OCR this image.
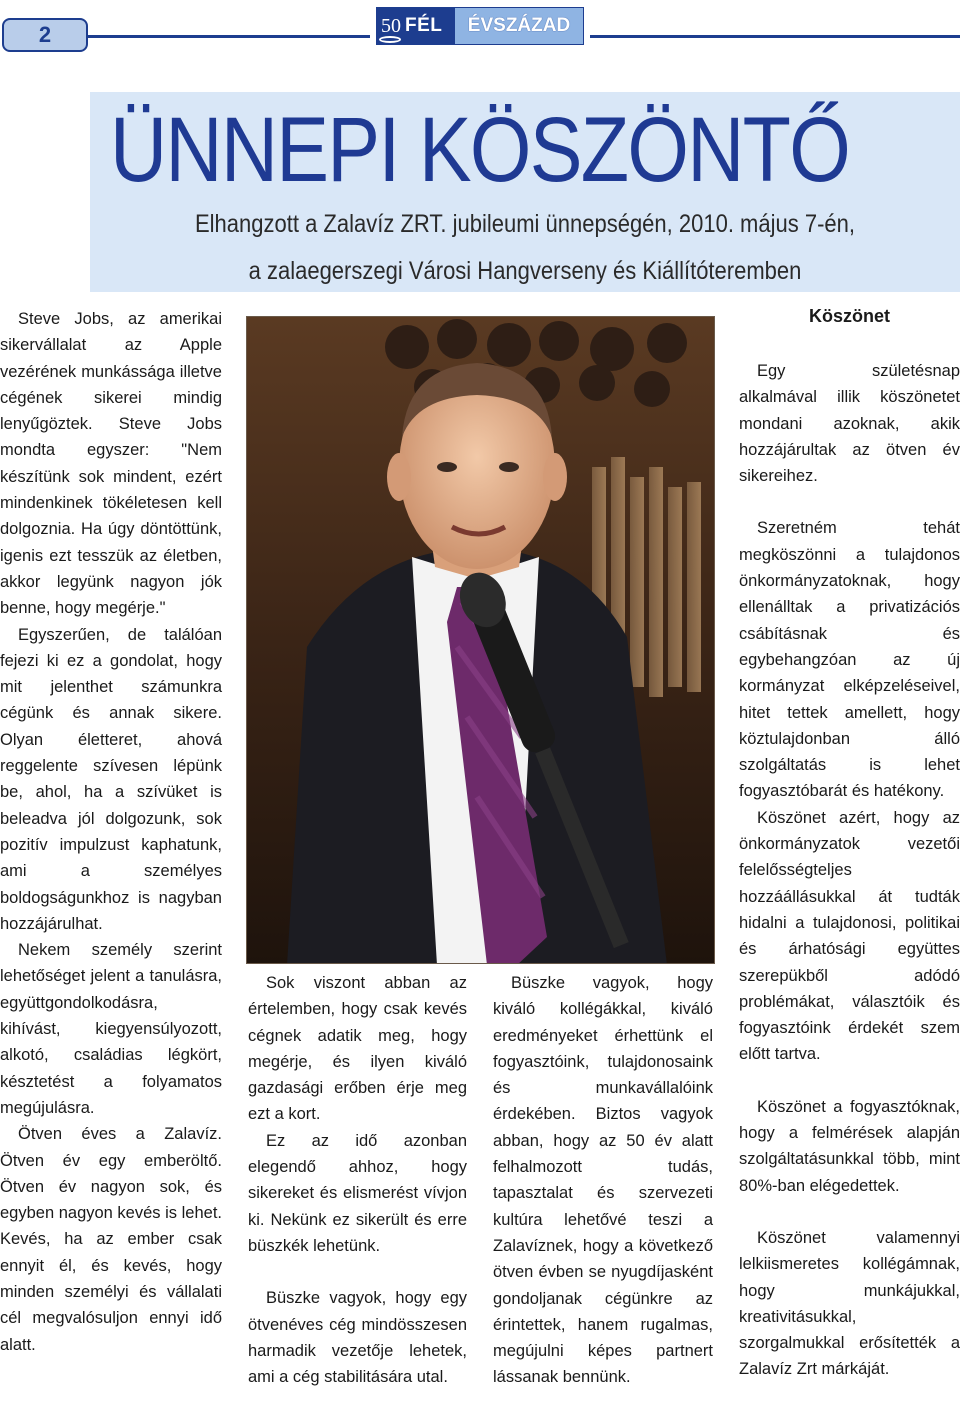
2	50 FÉL	ÉVSZÁZAD
ÜNNEPI KÖSZÖNTŐ
Elhangzott a Zalavíz ZRT. jubileumi ünnepségén, 2010. május 7-én,
a zalaegerszegi Városi Hangverseny és Kiállítóteremben

Steve Jobs, az amerikai sikervállalat az Apple vezérének munkássága illetve cégének sikerei mindig lenyűgöztek. Steve Jobs mondta egyszer: "Nem készítünk sok mindent, ezért mindenkinek tökéletesen kell dolgoznia. Ha úgy döntöttünk, igenis ezt tesszük az életben, akkor legyünk nagyon jók benne, hogy megérje."

Egyszerűen, de találóan fejezi ki ez a gondolat, hogy mit jelenthet számunkra cégünk és annak sikere. Olyan életteret, ahová reggelente szívesen lépünk be, ahol, ha a szívüket is beleadva jól dolgozunk, sok pozitív impulzust kaphatunk, ami a személyes boldogságunkhoz is nagyban hozzájárulhat.

Nekem személy szerint lehetőséget jelent a tanulásra, együttgondolkodásra, kihívást, kiegyensúlyozott, alkotó, családias légkört, késztetést a folyamatos megújulásra.

Ötven éves a Zalavíz. Ötven év egy emberöltő. Ötven év nagyon sok, és egyben nagyon kevés is lehet. Kevés, ha az ember csak ennyit él, és kevés, hogy minden személyi és vállalati cél megvalósuljon ennyi idő alatt.

Sok viszont abban az értelemben, hogy csak kevés cégnek adatik meg, hogy megérje, és ilyen kiváló gazdasági erőben érje meg ezt a kort.

Ez az idő azonban elegendő ahhoz, hogy sikereket és elismerést vívjon ki. Nekünk ez sikerült és erre büszkék lehetünk.

Büszke vagyok, hogy egy ötvenéves cég mindösszesen harmadik vezetője lehetek, ami a cég stabilitására utal.

Büszke vagyok, hogy kiváló kollégákkal, kiváló eredményeket érhettünk el fogyasztóink, tulajdonosaink és munkavállalóink érdekében. Biztos vagyok abban, hogy az 50 év alatt felhalmozott tudás, tapasztalat és szervezeti kultúra lehetővé teszi a Zalavíznek, hogy a következő ötven évben se nyugdíjasként gondoljanak cégünkre az érintettek, hanem rugalmas, megújulni képes partnert lássanak bennünk.

Köszönet

Egy születésnap alkalmával illik köszönetet mondani azoknak, akik hozzájárultak az ötven év sikereihez.

Szeretném tehát megköszönni a tulajdonos önkormányzatoknak, hogy ellenálltak a privatizációs csábításnak és egybehangzóan az új kormányzat elképzeléseivel, hitet tettek amellett, hogy köztulajdonban álló szolgáltatás is lehet fogyasztóbarát és hatékony.

Köszönet azért, hogy az önkormányzatok vezetői felelősségteljes hozzáállásukkal át tudták hidalni a tulajdonosi, politikai és árhatósági együttes szerepükből adódó problémákat, választóik és fogyasztóink érdekét szem előtt tartva.

Köszönet a fogyasztóknak, hogy a felmérések alapján szolgáltatásunkkal több, mint 80%-ban elégedettek.

Köszönet valamennyi lelkiismeretes kollégámnak, hogy munkájukkal, kreativitásukkal, szorgalmukkal erősítették a Zalavíz Zrt márkáját.
